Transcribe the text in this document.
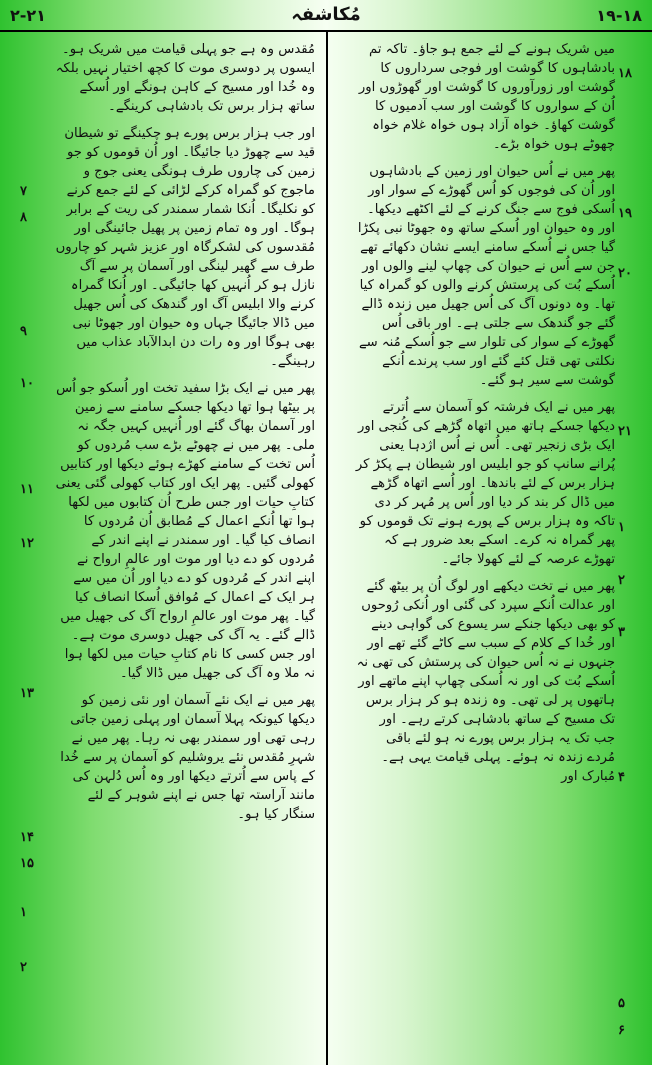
۲-۲۱	مُکاشفہ	۱۹-۱۸
۱۸
۱۹
۲۰
۲۱
۱
۲
۳
۴
۵
۶
۷
۸
۹
۱۰
۱۱
۱۲
۱۳
۱۴
۱۵
۱
۲

میں شریک ہونے کے لئے جمع ہو جاؤ۔ تاکہ تم بادشاہوں کا گوشت اور فوجی سرداروں کا گوشت اور زورآوروں کا گوشت اور گھوڑوں اور اُن کے سواروں کا گوشت اور سب آدمیوں کا گوشت کھاؤ۔ خواہ آزاد ہوں خواہ غلام خواہ چھوٹے ہوں خواہ بڑے۔

پھر میں نے اُس حیوان اور زمین کے بادشاہوں اور اُن کی فوجوں کو اُس گھوڑے کے سوار اور اُسکی فوج سے جنگ کرنے کے لئے اکٹھے دیکھا۔ اور وہ حیوان اور اُسکے ساتھ وہ جھوٹا نبی پکڑا گیا جس نے اُسکے سامنے ایسے نشان دکھائے تھے جن سے اُس نے حیوان کی چھاپ لینے والوں اور اُسکے بُت کی پرستش کرنے والوں کو گمراہ کیا تھا۔ وہ دونوں آگ کی اُس جھیل میں زندہ ڈالے گئے جو گندھک سے جلتی ہے۔ اور باقی اُس گھوڑے کے سوار کی تلوار سے جو اُسکے مُنہ سے نکلتی تھی قتل کئے گئے اور سب پرندے اُنکے گوشت سے سیر ہو گئے۔

پھر میں نے ایک فرشتہ کو آسمان سے اُترتے دیکھا جسکے ہاتھ میں اتھاہ گڑھے کی کُنجی اور ایک بڑی زنجیر تھی۔ اُس نے اُس اژدہا یعنی پُرانے سانپ کو جو ابلیس اور شیطان ہے پکڑ کر ہزار برس کے لئے باندھا۔ اور اُسے اتھاہ گڑھے میں ڈال کر بند کر دیا اور اُس پر مُہر کر دی تاکہ وہ ہزار برس کے پورے ہونے تک قوموں کو پھر گمراہ نہ کرے۔ اسکے بعد ضرور ہے کہ تھوڑے عرصہ کے لئے کھولا جائے۔

پھر میں نے تخت دیکھے اور لوگ اُن پر بیٹھ گئے اور عدالت اُنکے سپرد کی گئی اور اُنکی رُوحوں کو بھی دیکھا جنکے سر یسوع کی گواہی دینے اور خُدا کے کلام کے سبب سے کاٹے گئے تھے اور جنہوں نے نہ اُس حیوان کی پرستش کی تھی نہ اُسکے بُت کی اور نہ اُسکی چھاپ اپنے ماتھے اور ہاتھوں پر لی تھی۔ وہ زندہ ہو کر ہزار برس تک مسیح کے ساتھ بادشاہی کرتے رہے۔ اور جب تک یہ ہزار برس پورے نہ ہو لئے باقی مُردے زندہ نہ ہوئے۔ پہلی قیامت یہی ہے۔ مُبارک اور

مُقدس وہ ہے جو پہلی قیامت میں شریک ہو۔ ایسوں پر دوسری موت کا کچھ اختیار نہیں بلکہ وہ خُدا اور مسیح کے کاہن ہونگے اور اُسکے ساتھ ہزار برس تک بادشاہی کرینگے۔

اور جب ہزار برس پورے ہو چکینگے تو شیطان قید سے چھوڑ دیا جائیگا۔ اور اُن قوموں کو جو زمین کی چاروں طرف ہونگی یعنی جوج و ماجوج کو گمراہ کرکے لڑائی کے لئے جمع کرنے کو نکلیگا۔ اُنکا شمار سمندر کی ریت کے برابر ہوگا۔ اور وہ تمام زمین پر پھیل جائینگی اور مُقدسوں کی لشکرگاہ اور عزیز شہر کو چاروں طرف سے گھیر لینگی اور آسمان پر سے آگ نازل ہو کر اُنہیں کھا جائیگی۔ اور اُنکا گمراہ کرنے والا ابلیس آگ اور گندھک کی اُس جھیل میں ڈالا جائیگا جہاں وہ حیوان اور جھوٹا نبی بھی ہوگا اور وہ رات دن ابدالآباد عذاب میں رہینگے۔

پھر میں نے ایک بڑا سفید تخت اور اُسکو جو اُس پر بیٹھا ہوا تھا دیکھا جسکے سامنے سے زمین اور آسمان بھاگ گئے اور اُنہیں کہیں جگہ نہ ملی۔ پھر میں نے چھوٹے بڑے سب مُردوں کو اُس تخت کے سامنے کھڑے ہوئے دیکھا اور کتابیں کھولی گئیں۔ پھر ایک اور کتاب کھولی گئی یعنی کتابِ حیات اور جس طرح اُن کتابوں میں لکھا ہوا تھا اُنکے اعمال کے مُطابق اُن مُردوں کا انصاف کیا گیا۔ اور سمندر نے اپنے اندر کے مُردوں کو دے دیا اور موت اور عالمِ ارواح نے اپنے اندر کے مُردوں کو دے دیا اور اُن میں سے ہر ایک کے اعمال کے مُوافق اُسکا انصاف کیا گیا۔ پھر موت اور عالمِ ارواح آگ کی جھیل میں ڈالے گئے۔ یہ آگ کی جھیل دوسری موت ہے۔ اور جس کسی کا نام کتابِ حیات میں لکھا ہوا نہ ملا وہ آگ کی جھیل میں ڈالا گیا۔

پھر میں نے ایک نئے آسمان اور نئی زمین کو دیکھا کیونکہ پہلا آسمان اور پہلی زمین جاتی رہی تھی اور سمندر بھی نہ رہا۔ پھر میں نے شہرِ مُقدس نئے یروشلیم کو آسمان پر سے خُدا کے پاس سے اُترتے دیکھا اور وہ اُس دُلہن کی مانند آراستہ تھا جس نے اپنے شوہر کے لئے سنگار کیا ہو۔
